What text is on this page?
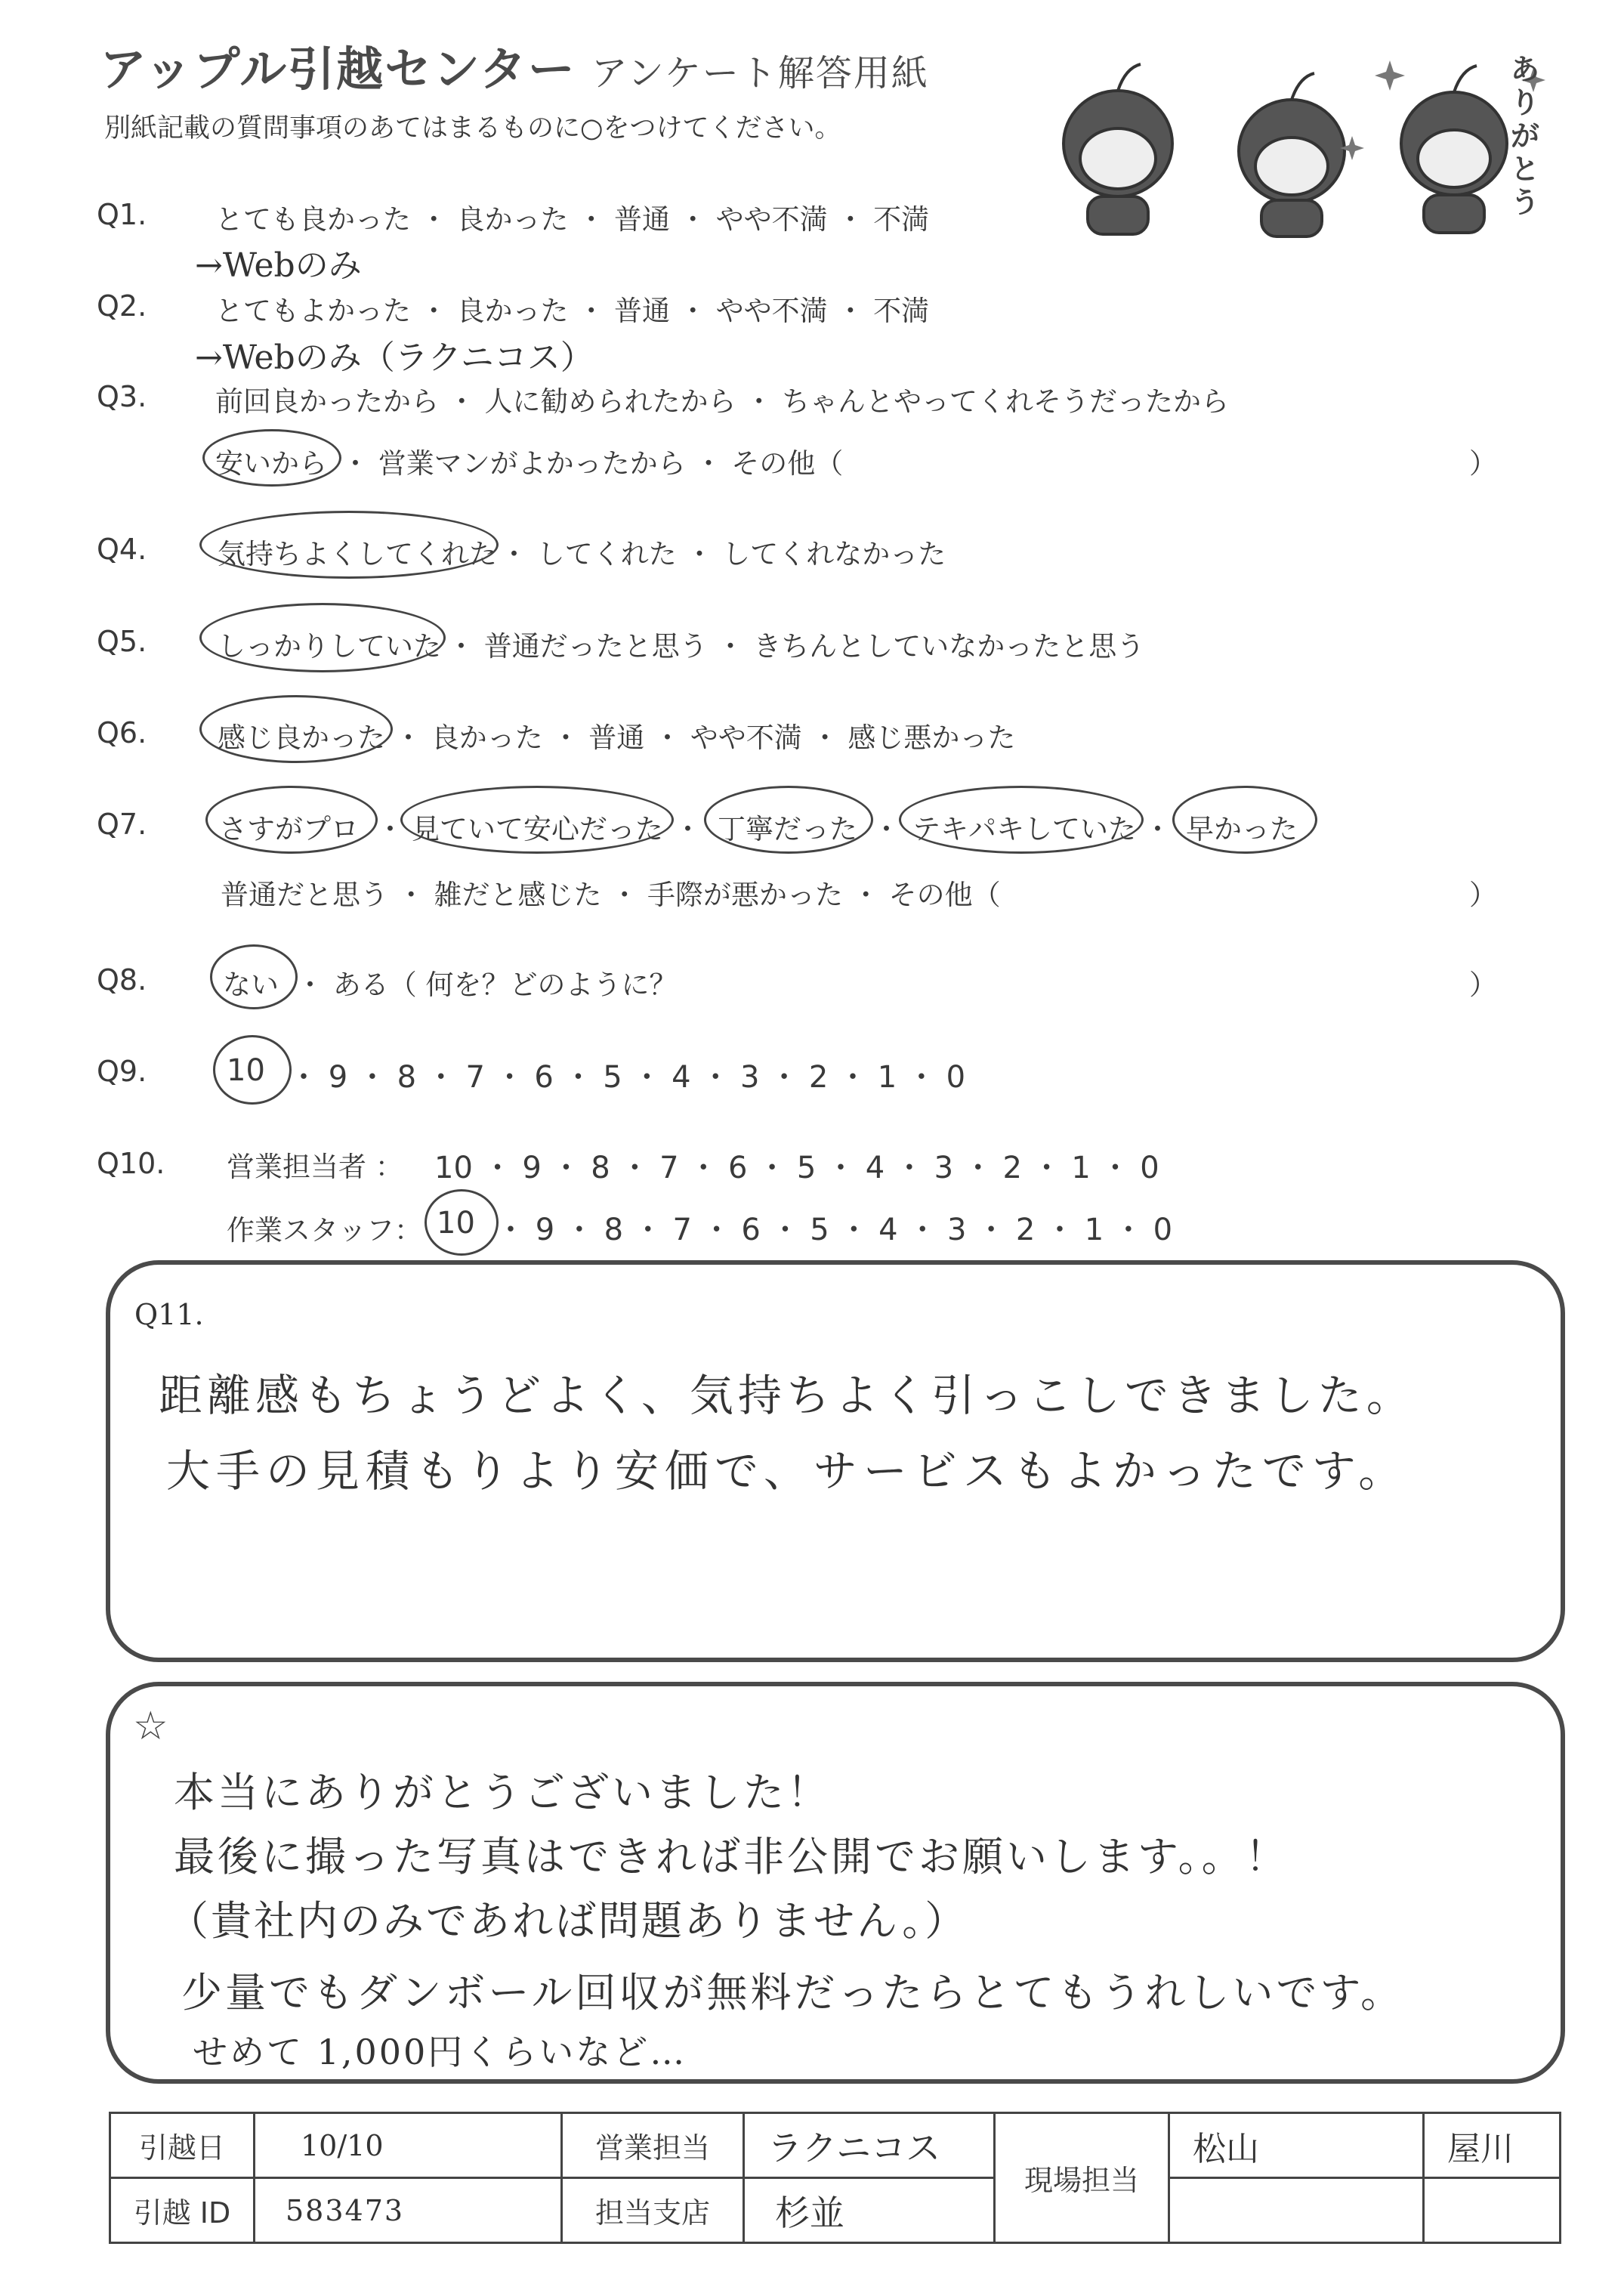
アップル引越センター アンケート解答用紙
別紙記載の質問事項のあてはまるものに○をつけてください。
ありがとう
Q1. とても良かった ・ 良かった ・ 普通 ・ やや不満 ・ 不満
→Webのみ
Q2. とてもよかった ・ 良かった ・ 普通 ・ やや不満 ・ 不満
→Webのみ（ラクニコス）
Q3. 前回良かったから ・ 人に勧められたから ・ ちゃんとやってくれそうだったから
安いから ・ 営業マンがよかったから ・ その他（	）
Q4.	気持ちよくしてくれた ・ してくれた ・ してくれなかった
Q5.	しっかりしていた ・ 普通だったと思う ・ きちんとしていなかったと思う
Q6.	感じ良かった ・ 良かった ・ 普通 ・ やや不満 ・ 感じ悪かった
Q7.	さすがプロ ・ 見ていて安心だった ・ 丁寧だった ・ テキパキしていた ・ 早かった
普通だと思う ・ 雑だと感じた ・ 手際が悪かった ・ その他（	）
Q8.	ない ・ ある（ 何を？どのように？	）
Q9.	10 ・ 9 ・ 8 ・ 7 ・ 6 ・ 5 ・ 4 ・ 3 ・ 2 ・ 1 ・ 0
Q10. 営業担当者 ： 10 ・ 9 ・ 8 ・ 7 ・ 6 ・ 5 ・ 4 ・ 3 ・ 2 ・ 1 ・ 0
作業スタッフ： 10 ・ 9 ・ 8 ・ 7 ・ 6 ・ 5 ・ 4 ・ 3 ・ 2 ・ 1 ・ 0
Q11.
距離感もちょうどよく、気持ちよく引っこしできました。
大手の見積もりより安価で、サービスもよかったです。
☆
本当にありがとうございました！
最後に撮った写真はできれば非公開でお願いします。。！
（貴社内のみであれば問題ありません。）
少量でもダンボール回収が無料だったらとてもうれしいです。
せめて 1,000円くらいなど…
引越日	10/10	営業担当	ラクニコス	現場担当	松山	屋川
引越 ID	583473	担当支店	杉並			
